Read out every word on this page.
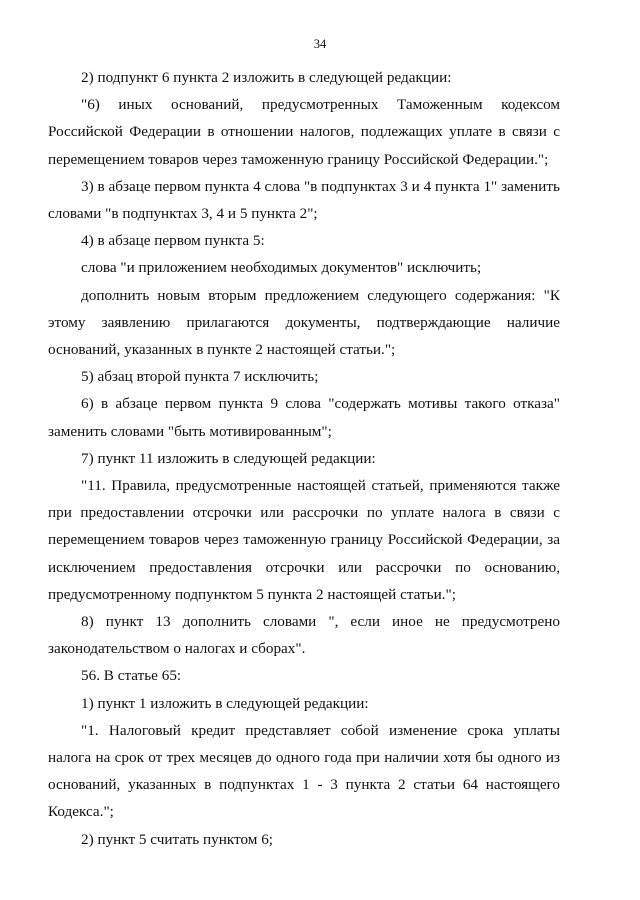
34

2) подпункт 6 пункта 2 изложить в следующей редакции:

"6) иных оснований, предусмотренных Таможенным кодексом Российской Федерации в отношении налогов, подлежащих уплате в связи с перемещением товаров через таможенную границу Российской Федерации.";

3) в абзаце первом пункта 4 слова "в подпунктах 3 и 4 пункта 1" заменить словами "в подпунктах 3, 4 и 5 пункта 2";

4) в абзаце первом пункта 5:

слова "и приложением необходимых документов" исключить;

дополнить новым вторым предложением следующего содержания: "К этому заявлению прилагаются документы, подтверждающие наличие оснований, указанных в пункте 2 настоящей статьи.";

5) абзац второй пункта 7 исключить;

6) в абзаце первом пункта 9 слова "содержать мотивы такого отказа" заменить словами "быть мотивированным";

7) пункт 11 изложить в следующей редакции:

"11. Правила, предусмотренные настоящей статьей, применяются также при предоставлении отсрочки или рассрочки по уплате налога в связи с перемещением товаров через таможенную границу Российской Федерации, за исключением предоставления отсрочки или рассрочки по основанию, предусмотренному подпунктом 5 пункта 2 настоящей статьи.";

8) пункт 13 дополнить словами ", если иное не предусмотрено законодательством о налогах и сборах".

56. В статье 65:

1) пункт 1 изложить в следующей редакции:

"1. Налоговый кредит представляет собой изменение срока уплаты налога на срок от трех месяцев до одного года при наличии хотя бы одного из оснований, указанных в подпунктах 1 - 3 пункта 2 статьи 64 настоящего Кодекса.";

2) пункт 5 считать пунктом 6;
